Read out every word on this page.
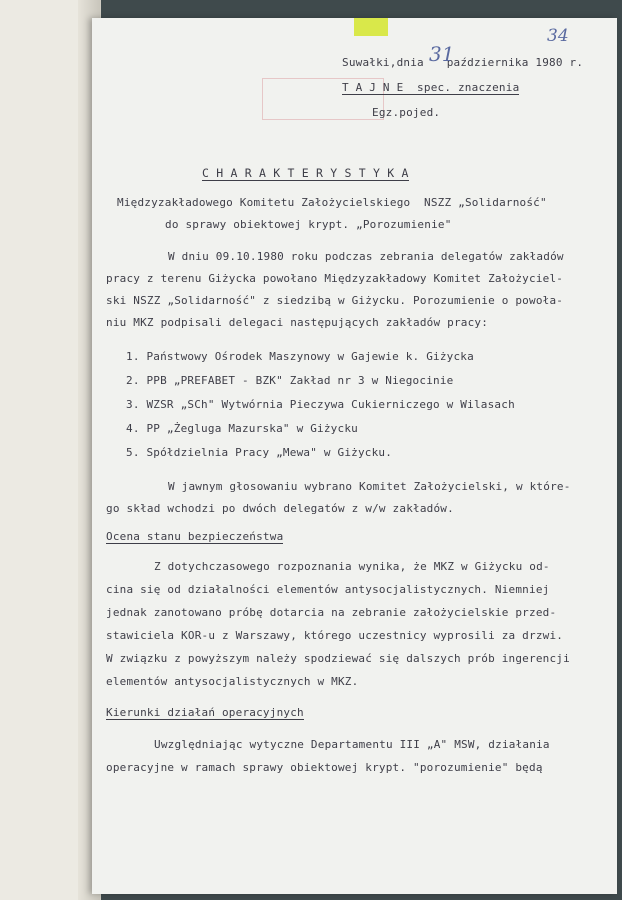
Suwałki,dnia października 1980 r.
31
34
T A J N E  spec. znaczenia
Egz.pojed.
C H A R A K T E R Y S T Y K A
Międzyzakładowego Komitetu Założycielskiego  NSZZ „Solidarność"
do sprawy obiektowej krypt. „Porozumienie"
W dniu 09.10.1980 roku podczas zebrania delegatów zakładów
pracy z terenu Giżycka powołano Międzyzakładowy Komitet Założyciel-
ski NSZZ „Solidarność" z siedzibą w Giżycku. Porozumienie o powoła-
niu MKZ podpisali delegaci następujących zakładów pracy:
1. Państwowy Ośrodek Maszynowy w Gajewie k. Giżycka
2. PPB „PREFABET - BZK" Zakład nr 3 w Niegocinie
3. WZSR „SCh" Wytwórnia Pieczywa Cukierniczego w Wilasach
4. PP „Żegluga Mazurska" w Giżycku
5. Spółdzielnia Pracy „Mewa" w Giżycku.
W jawnym głosowaniu wybrano Komitet Założycielski, w które-
go skład wchodzi po dwóch delegatów z w/w zakładów.
Ocena stanu bezpieczeństwa
Z dotychczasowego rozpoznania wynika, że MKZ w Giżycku od-
cina się od działalności elementów antysocjalistycznych. Niemniej
jednak zanotowano próbę dotarcia na zebranie założycielskie przed-
stawiciela KOR-u z Warszawy, którego uczestnicy wyprosili za drzwi.
W związku z powyższym należy spodziewać się dalszych prób ingerencji
elementów antysocjalistycznych w MKZ.
Kierunki działań operacyjnych
Uwzględniając wytyczne Departamentu III „A" MSW, działania
operacyjne w ramach sprawy obiektowej krypt. "porozumienie" będą
